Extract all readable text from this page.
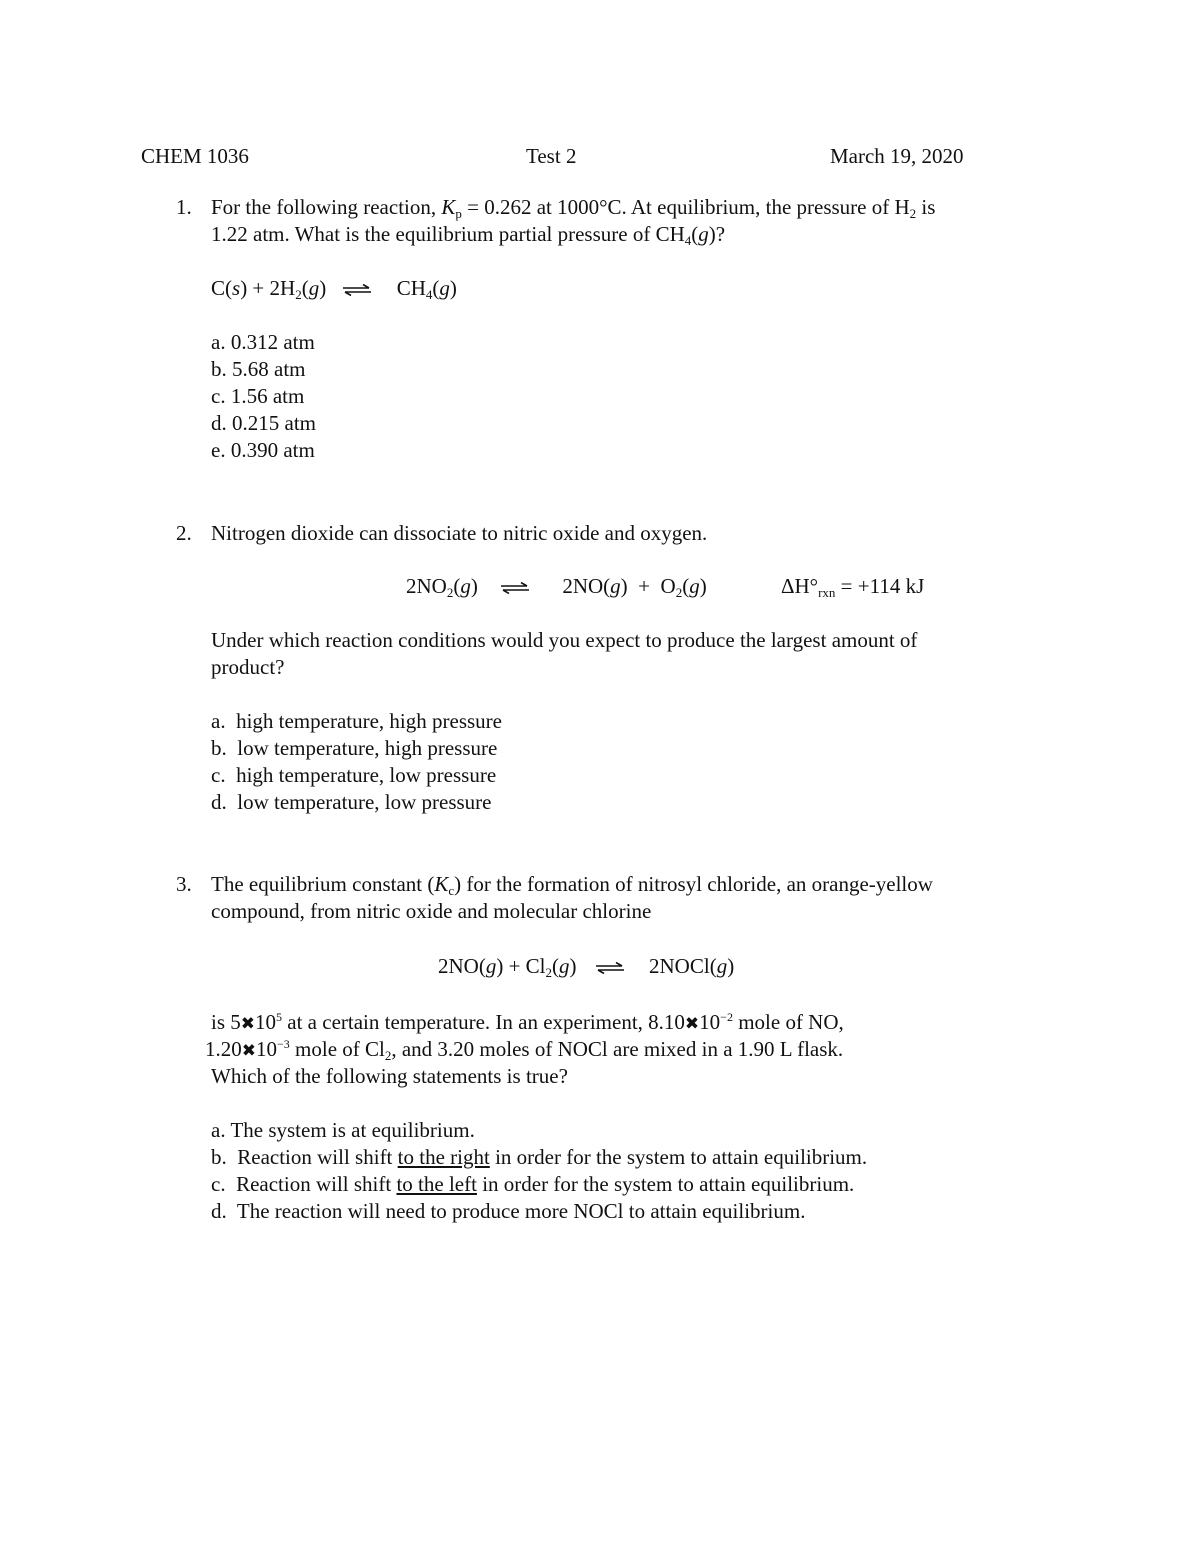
CHEM 1036	Test 2	March 19, 2020
1. For the following reaction, $K_p = 0.262$ at 1000°C. At equilibrium, the pressure of $H_2$ is
1.22 atm. What is the equilibrium partial pressure of $CH_4(g)$?
$C(s) + 2H_2(g)$ ⇌ $CH_4(g)$
a. 0.312 atm
b. 5.68 atm
c. 1.56 atm
d. 0.215 atm
e. 0.390 atm
2. Nitrogen dioxide can dissociate to nitric oxide and oxygen.
$2NO_2(g)$ ⇌ $2NO(g) + O_2(g)$	$\Delta H^\circ_{rxn} = +114$ kJ
Under which reaction conditions would you expect to produce the largest amount of
product?
a.  high temperature, high pressure
b.  low temperature, high pressure
c.  high temperature, low pressure
d.  low temperature, low pressure
3. The equilibrium constant $(K_c)$ for the formation of nitrosyl chloride, an orange-yellow
compound, from nitric oxide and molecular chlorine
$2NO(g) + Cl_2(g)$ ⇌ 2NOCl(g)
is $5✖10^5$ at a certain temperature. In an experiment, $8.10✖10^{-2}$ mole of NO,
$1.20✖10^{-3}$ mole of $Cl_2$, and 3.20 moles of NOCl are mixed in a 1.90 L flask.
Which of the following statements is true?
a. The system is at equilibrium.
b.  Reaction will shift to the right in order for the system to attain equilibrium.
c.  Reaction will shift to the left in order for the system to attain equilibrium.
d.  The reaction will need to produce more NOCl to attain equilibrium.
